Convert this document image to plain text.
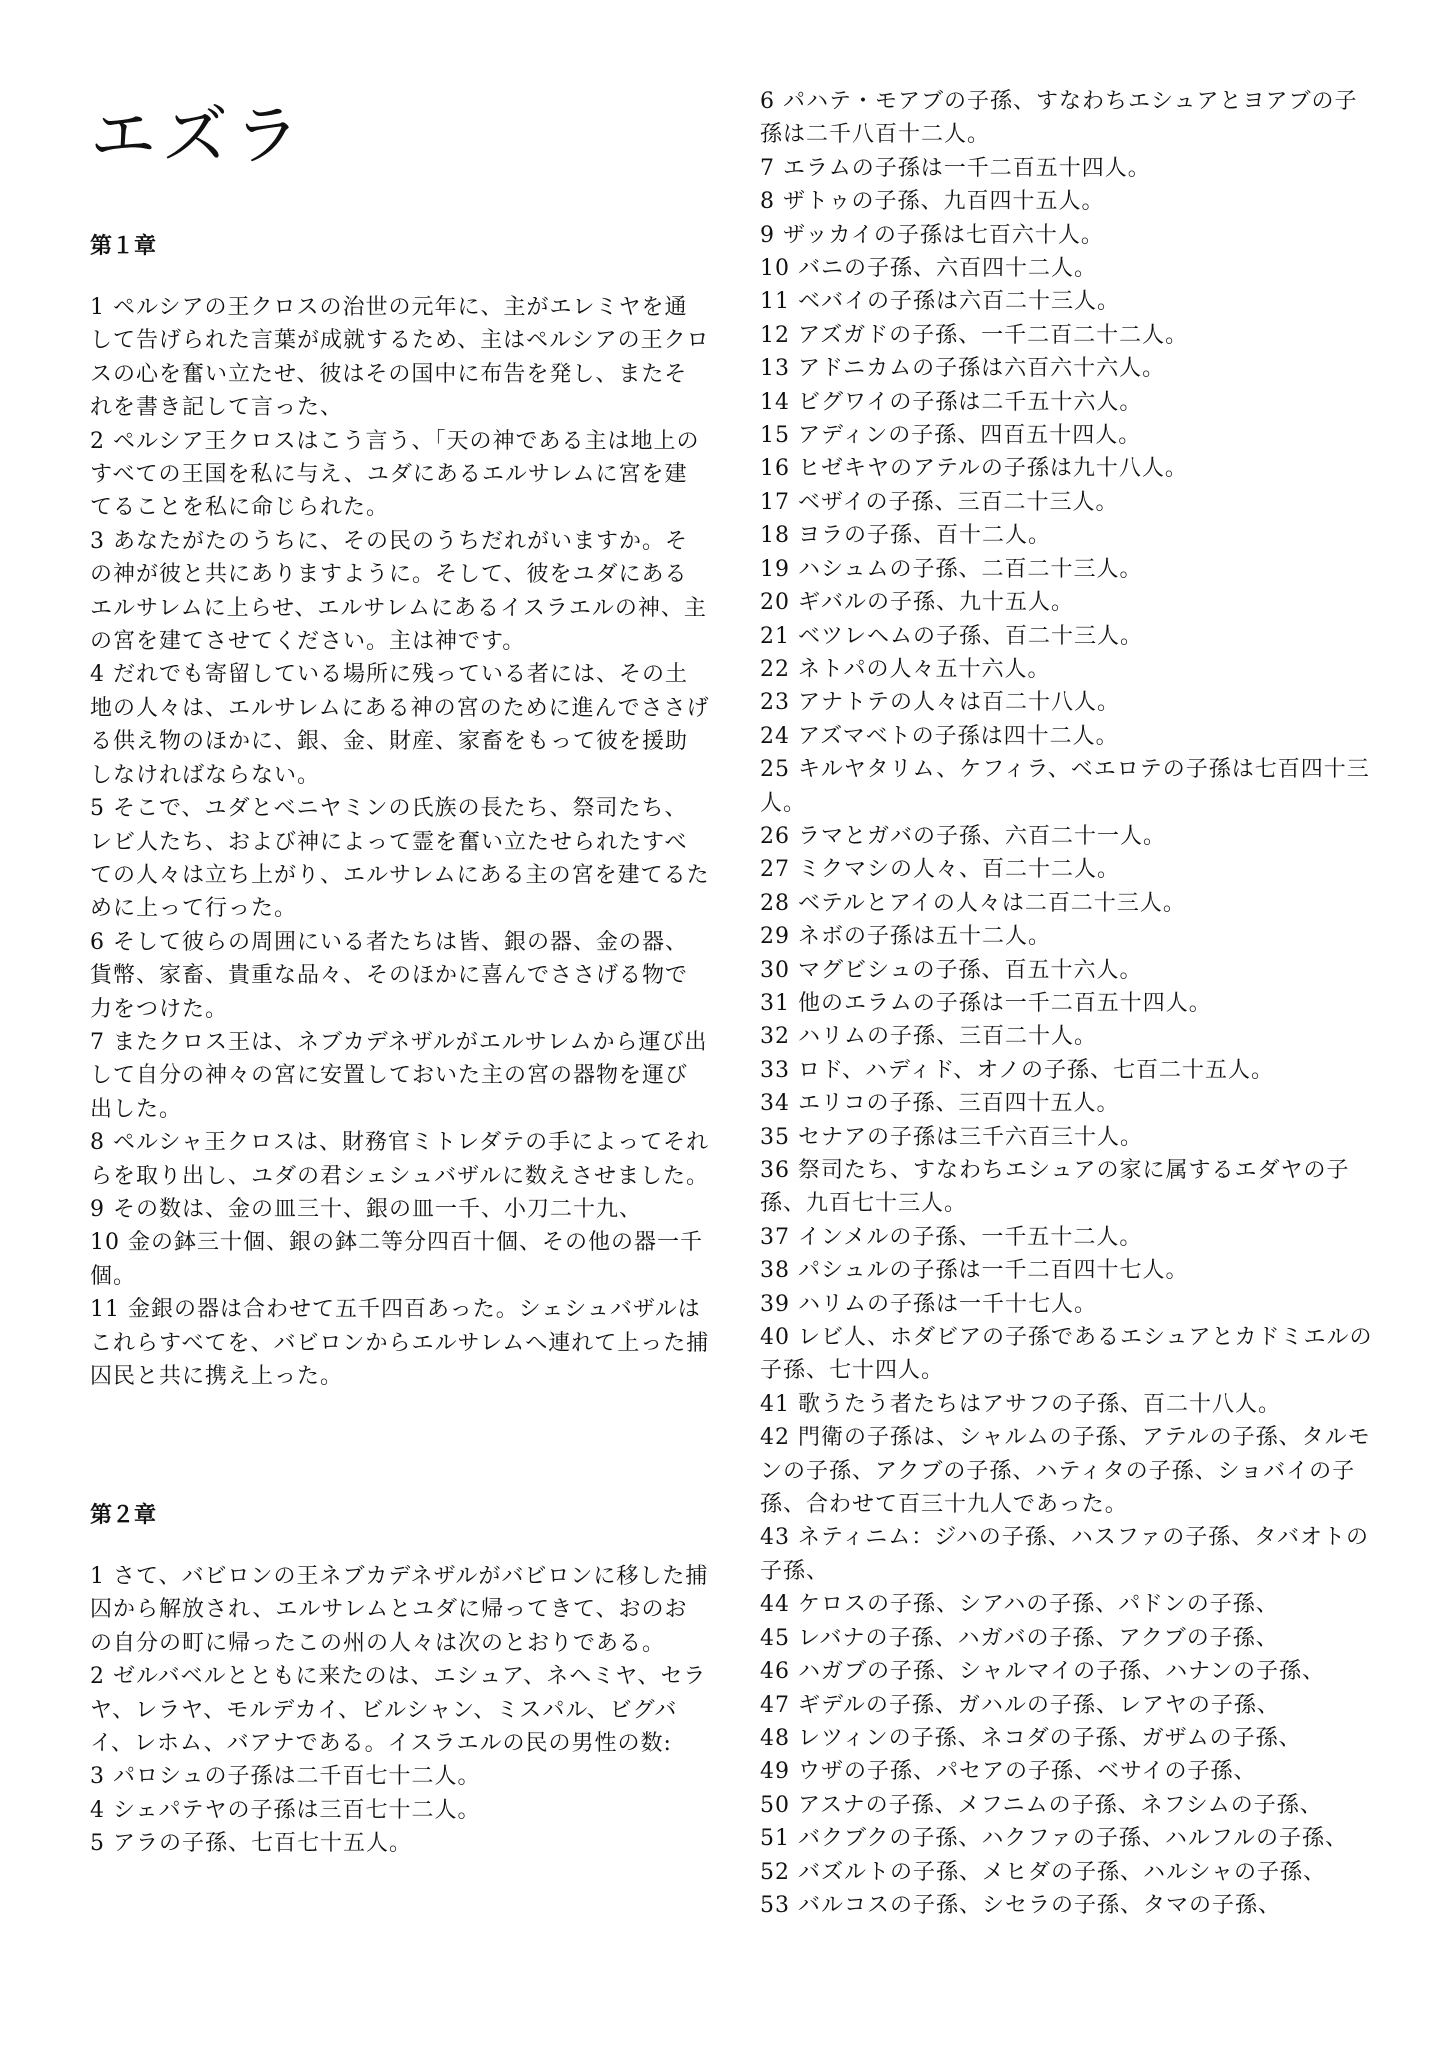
エズラ
第１章

1 ペルシアの王クロスの治世の元年に、主がエレミヤを通して告げられた言葉が成就するため、主はペルシアの王クロスの心を奮い立たせ、彼はその国中に布告を発し、またそれを書き記して言った、

2 ペルシア王クロスはこう言う、「天の神である主は地上のすべての王国を私に与え、ユダにあるエルサレムに宮を建てることを私に命じられた。

3 あなたがたのうちに、その民のうちだれがいますか。その神が彼と共にありますように。そして、彼をユダにあるエルサレムに上らせ、エルサレムにあるイスラエルの神、主の宮を建てさせてください。主は神です。

4 だれでも寄留している場所に残っている者には、その土地の人々は、エルサレムにある神の宮のために進んでささげる供え物のほかに、銀、金、財産、家畜をもって彼を援助しなければならない。

5 そこで、ユダとベニヤミンの氏族の長たち、祭司たち、レビ人たち、および神によって霊を奮い立たせられたすべての人々は立ち上がり、エルサレムにある主の宮を建てるために上って行った。

6 そして彼らの周囲にいる者たちは皆、銀の器、金の器、貨幣、家畜、貴重な品々、そのほかに喜んでささげる物で力をつけた。

7 またクロス王は、ネブカデネザルがエルサレムから運び出して自分の神々の宮に安置しておいた主の宮の器物を運び出した。

8 ペルシャ王クロスは、財務官ミトレダテの手によってそれらを取り出し、ユダの君シェシュバザルに数えさせました。

9 その数は、金の皿三十、銀の皿一千、小刀二十九、

10 金の鉢三十個、銀の鉢二等分四百十個、その他の器一千個。

11 金銀の器は合わせて五千四百あった。シェシュバザルはこれらすべてを、バビロンからエルサレムへ連れて上った捕囚民と共に携え上った。

第２章

1 さて、バビロンの王ネブカデネザルがバビロンに移した捕囚から解放され、エルサレムとユダに帰ってきて、おのおの自分の町に帰ったこの州の人々は次のとおりである。

2 ゼルバベルとともに来たのは、エシュア、ネヘミヤ、セラヤ、レラヤ、モルデカイ、ビルシャン、ミスパル、ビグバイ、レホム、バアナである。イスラエルの民の男性の数:

3 パロシュの子孫は二千百七十二人。

4 シェパテヤの子孫は三百七十二人。

5 アラの子孫、七百七十五人。

6 パハテ・モアブの子孫、すなわちエシュアとヨアブの子孫は二千八百十二人。

7 エラムの子孫は一千二百五十四人。

8 ザトゥの子孫、九百四十五人。

9 ザッカイの子孫は七百六十人。

10 バニの子孫、六百四十二人。

11 ベバイの子孫は六百二十三人。

12 アズガドの子孫、一千二百二十二人。

13 アドニカムの子孫は六百六十六人。

14 ビグワイの子孫は二千五十六人。

15 アディンの子孫、四百五十四人。

16 ヒゼキヤのアテルの子孫は九十八人。

17 ベザイの子孫、三百二十三人。

18 ヨラの子孫、百十二人。

19 ハシュムの子孫、二百二十三人。

20 ギバルの子孫、九十五人。

21 ベツレヘムの子孫、百二十三人。

22 ネトパの人々五十六人。

23 アナトテの人々は百二十八人。

24 アズマベトの子孫は四十二人。

25 キルヤタリム、ケフィラ、ベエロテの子孫は七百四十三人。

26 ラマとガバの子孫、六百二十一人。

27 ミクマシの人々、百二十二人。

28 ベテルとアイの人々は二百二十三人。

29 ネボの子孫は五十二人。

30 マグビシュの子孫、百五十六人。

31 他のエラムの子孫は一千二百五十四人。

32 ハリムの子孫、三百二十人。

33 ロド、ハディド、オノの子孫、七百二十五人。

34 エリコの子孫、三百四十五人。

35 セナアの子孫は三千六百三十人。

36 祭司たち、すなわちエシュアの家に属するエダヤの子孫、九百七十三人。

37 インメルの子孫、一千五十二人。

38 パシュルの子孫は一千二百四十七人。

39 ハリムの子孫は一千十七人。

40 レビ人、ホダビアの子孫であるエシュアとカドミエルの子孫、七十四人。

41 歌うたう者たちはアサフの子孫、百二十八人。

42 門衛の子孫は、シャルムの子孫、アテルの子孫、タルモンの子孫、アクブの子孫、ハティタの子孫、ショバイの子孫、合わせて百三十九人であった。

43 ネティニム：ジハの子孫、ハスファの子孫、タバオトの子孫、

44 ケロスの子孫、シアハの子孫、パドンの子孫、

45 レバナの子孫、ハガバの子孫、アクブの子孫、

46 ハガブの子孫、シャルマイの子孫、ハナンの子孫、

47 ギデルの子孫、ガハルの子孫、レアヤの子孫、

48 レツィンの子孫、ネコダの子孫、ガザムの子孫、

49 ウザの子孫、パセアの子孫、ベサイの子孫、

50 アスナの子孫、メフニムの子孫、ネフシムの子孫、

51 バクブクの子孫、ハクファの子孫、ハルフルの子孫、

52 バズルトの子孫、メヒダの子孫、ハルシャの子孫、

53 バルコスの子孫、シセラの子孫、タマの子孫、
